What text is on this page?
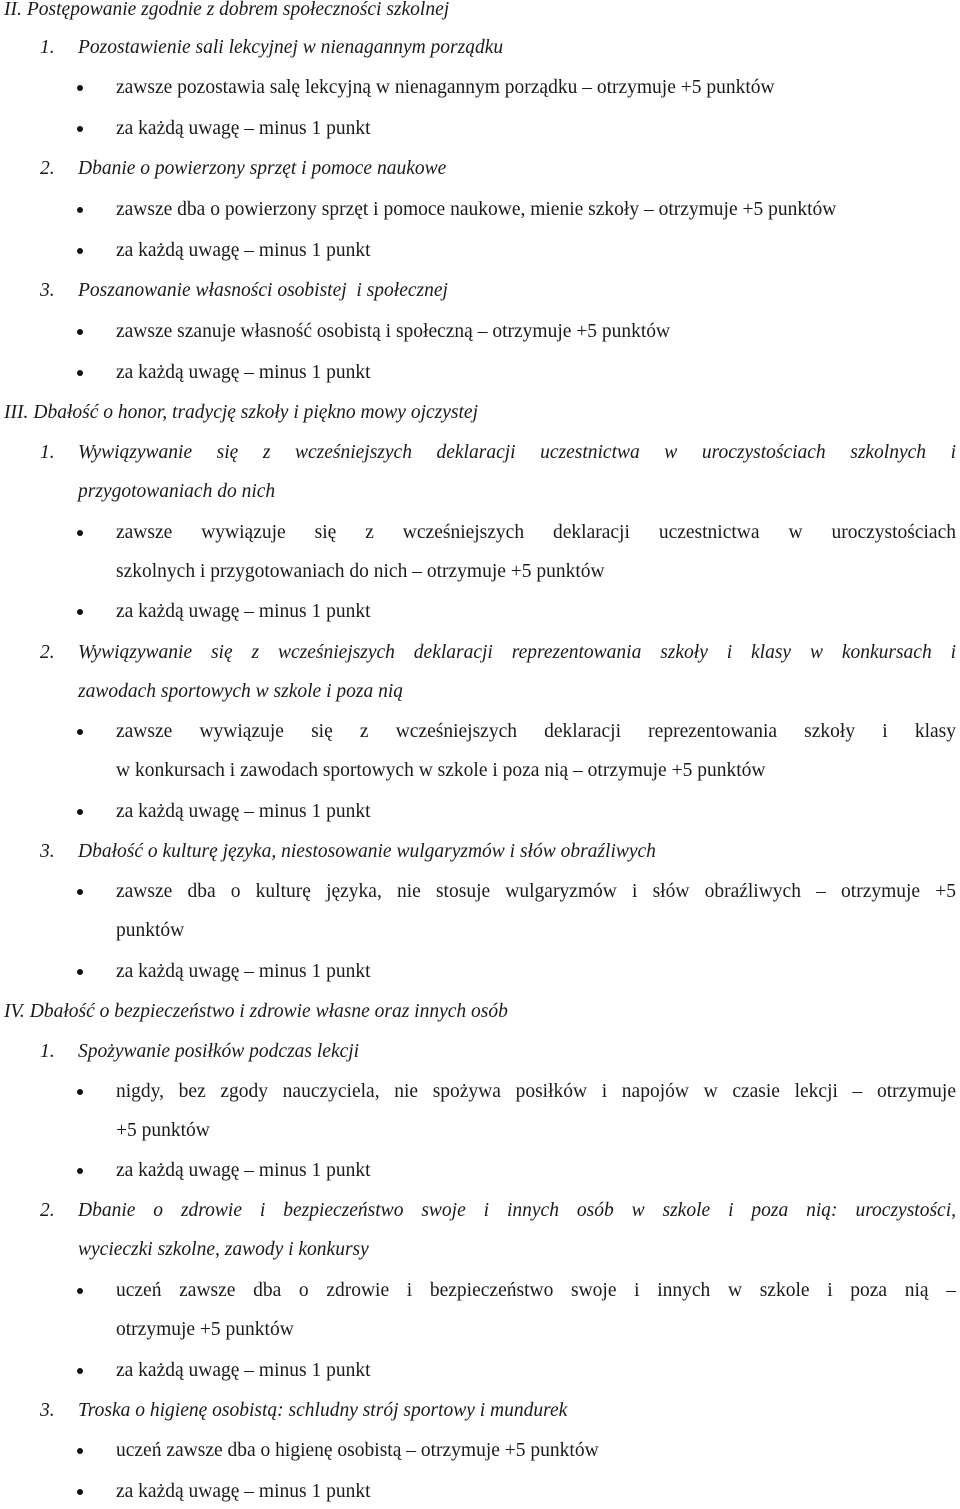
II. Postępowanie zgodnie z dobrem społeczności szkolnej
1.	Pozostawienie sali lekcyjnej w nienagannym porządku
zawsze pozostawia salę lekcyjną w nienagannym porządku – otrzymuje +5 punktów
za każdą uwagę – minus 1 punkt
2.	Dbanie o powierzony sprzęt i pomoce naukowe
zawsze dba o powierzony sprzęt i pomoce naukowe, mienie szkoły – otrzymuje +5 punktów
za każdą uwagę – minus 1 punkt
3.	Poszanowanie własności osobistej  i społecznej
zawsze szanuje własność osobistą i społeczną – otrzymuje +5 punktów
za każdą uwagę – minus 1 punkt
III. Dbałość o honor, tradycję szkoły i piękno mowy ojczystej
1.	Wywiązywanie się z wcześniejszych deklaracji uczestnictwa w uroczystościach szkolnych i
przygotowaniach do nich
zawsze wywiązuje się z wcześniejszych deklaracji uczestnictwa w uroczystościach
szkolnych i przygotowaniach do nich – otrzymuje +5 punktów
za każdą uwagę – minus 1 punkt
2.	Wywiązywanie się z wcześniejszych deklaracji reprezentowania szkoły i klasy w konkursach i
zawodach sportowych w szkole i poza nią
zawsze wywiązuje się z wcześniejszych deklaracji reprezentowania szkoły i klasy
w konkursach i zawodach sportowych w szkole i poza nią – otrzymuje +5 punktów
za każdą uwagę – minus 1 punkt
3.	Dbałość o kulturę języka, niestosowanie wulgaryzmów i słów obraźliwych
zawsze dba o kulturę języka, nie stosuje wulgaryzmów i słów obraźliwych – otrzymuje +5
punktów
za każdą uwagę – minus 1 punkt
IV. Dbałość o bezpieczeństwo i zdrowie własne oraz innych osób
1.	Spożywanie posiłków podczas lekcji
nigdy, bez zgody nauczyciela, nie spożywa posiłków i napojów w czasie lekcji – otrzymuje
+5 punktów
za każdą uwagę – minus 1 punkt
2.	Dbanie o zdrowie i bezpieczeństwo swoje i innych osób w szkole i poza nią: uroczystości,
wycieczki szkolne, zawody i konkursy
uczeń zawsze dba o zdrowie i bezpieczeństwo swoje i innych w szkole i poza nią –
otrzymuje +5 punktów
za każdą uwagę – minus 1 punkt
3.	Troska o higienę osobistą: schludny strój sportowy i mundurek
uczeń zawsze dba o higienę osobistą – otrzymuje +5 punktów
za każdą uwagę – minus 1 punkt
